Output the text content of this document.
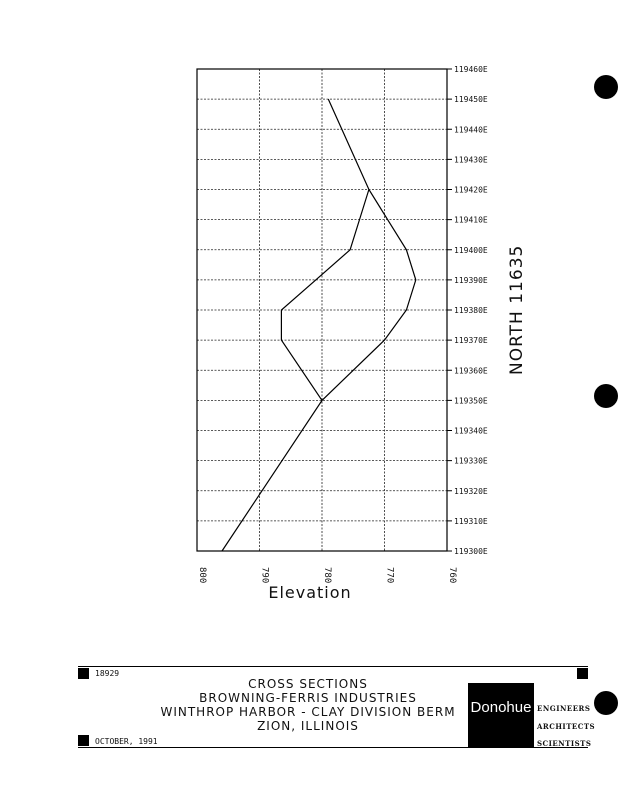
119300E
119310E
119320E
119330E
119340E
119350E
119360E
119370E
119380E
119390E
119400E
119410E
119420E
119430E
119440E
119450E
119460E
800	790	780	770	760
NORTH 11635
Elevation
18929
OCTOBER, 1991
CROSS SECTIONS
BROWNING-FERRIS INDUSTRIES
WINTHROP HARBOR - CLAY DIVISION BERM
ZION, ILLINOIS
Donohue ENGINEERS
ARCHITECTS
SCIENTISTS
